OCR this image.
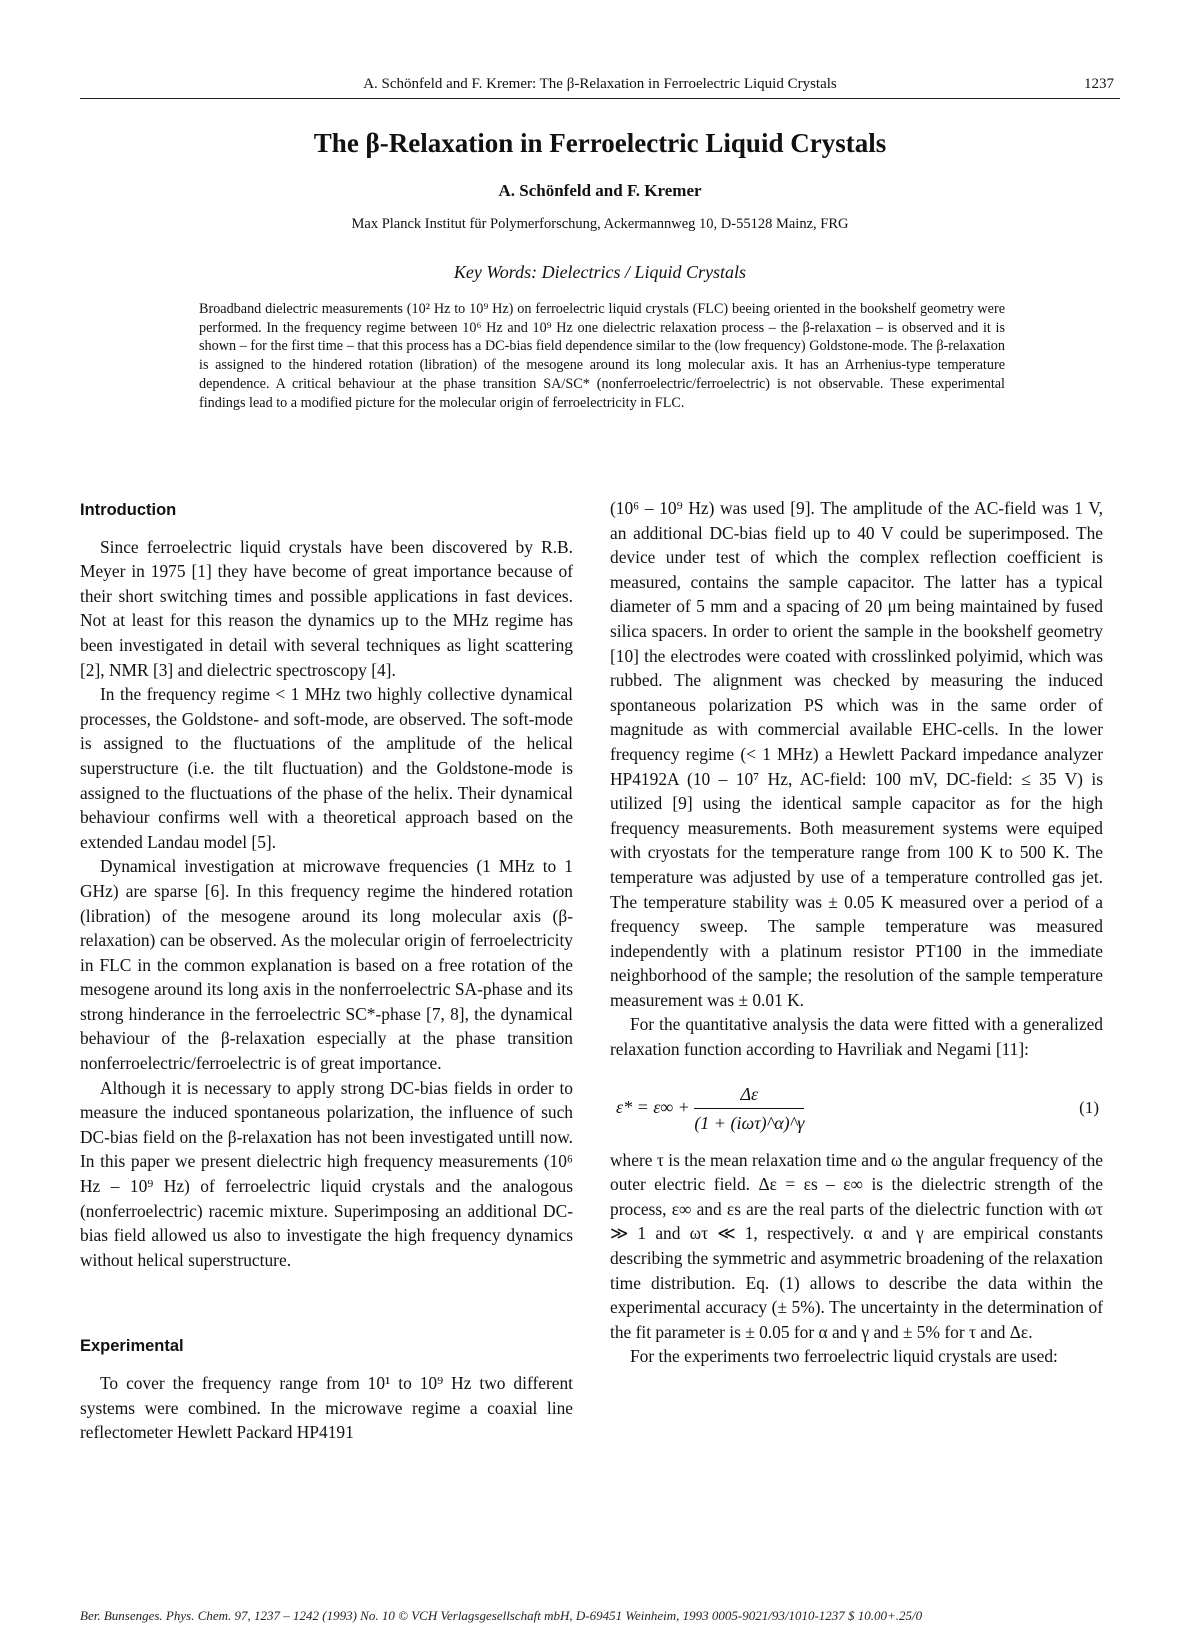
A. Schönfeld and F. Kremer: The β-Relaxation in Ferroelectric Liquid Crystals	1237
The β-Relaxation in Ferroelectric Liquid Crystals
A. Schönfeld and F. Kremer
Max Planck Institut für Polymerforschung, Ackermannweg 10, D-55128 Mainz, FRG
Key Words: Dielectrics / Liquid Crystals
Broadband dielectric measurements (10² Hz to 10⁹ Hz) on ferroelectric liquid crystals (FLC) beeing oriented in the bookshelf geometry were performed. In the frequency regime between 10⁶ Hz and 10⁹ Hz one dielectric relaxation process – the β-relaxation – is observed and it is shown – for the first time – that this process has a DC-bias field dependence similar to the (low frequency) Goldstone-mode. The β-relaxation is assigned to the hindered rotation (libration) of the mesogene around its long molecular axis. It has an Arrhenius-type temperature dependence. A critical behaviour at the phase transition SA/SC* (nonferroelectric/ferroelectric) is not observable. These experimental findings lead to a modified picture for the molecular origin of ferroelectricity in FLC.

Introduction

Since ferroelectric liquid crystals have been discovered by R.B. Meyer in 1975 [1] they have become of great importance because of their short switching times and possible applications in fast devices. Not at least for this reason the dynamics up to the MHz regime has been investigated in detail with several techniques as light scattering [2], NMR [3] and dielectric spectroscopy [4].

In the frequency regime < 1 MHz two highly collective dynamical processes, the Goldstone- and soft-mode, are observed. The soft-mode is assigned to the fluctuations of the amplitude of the helical superstructure (i.e. the tilt fluctuation) and the Goldstone-mode is assigned to the fluctuations of the phase of the helix. Their dynamical behaviour confirms well with a theoretical approach based on the extended Landau model [5].

Dynamical investigation at microwave frequencies (1 MHz to 1 GHz) are sparse [6]. In this frequency regime the hindered rotation (libration) of the mesogene around its long molecular axis (β-relaxation) can be observed. As the molecular origin of ferroelectricity in FLC in the common explanation is based on a free rotation of the mesogene around its long axis in the nonferroelectric SA-phase and its strong hinderance in the ferroelectric SC*-phase [7, 8], the dynamical behaviour of the β-relaxation especially at the phase transition nonferroelectric/ferroelectric is of great importance.

Although it is necessary to apply strong DC-bias fields in order to measure the induced spontaneous polarization, the influence of such DC-bias field on the β-relaxation has not been investigated untill now. In this paper we present dielectric high frequency measurements (10⁶ Hz – 10⁹ Hz) of ferroelectric liquid crystals and the analogous (nonferroelectric) racemic mixture. Superimposing an additional DC-bias field allowed us also to investigate the high frequency dynamics without helical superstructure.

Experimental

To cover the frequency range from 10¹ to 10⁹ Hz two different systems were combined. In the microwave regime a coaxial line reflectometer Hewlett Packard HP4191

(10⁶ – 10⁹ Hz) was used [9]. The amplitude of the AC-field was 1 V, an additional DC-bias field up to 40 V could be superimposed. The device under test of which the complex reflection coefficient is measured, contains the sample capacitor. The latter has a typical diameter of 5 mm and a spacing of 20 μm being maintained by fused silica spacers. In order to orient the sample in the bookshelf geometry [10] the electrodes were coated with crosslinked polyimid, which was rubbed. The alignment was checked by measuring the induced spontaneous polarization PS which was in the same order of magnitude as with commercial available EHC-cells. In the lower frequency regime (< 1 MHz) a Hewlett Packard impedance analyzer HP4192A (10 – 10⁷ Hz, AC-field: 100 mV, DC-field: ≤ 35 V) is utilized [9] using the identical sample capacitor as for the high frequency measurements. Both measurement systems were equiped with cryostats for the temperature range from 100 K to 500 K. The temperature was adjusted by use of a temperature controlled gas jet. The temperature stability was ± 0.05 K measured over a period of a frequency sweep. The sample temperature was measured independently with a platinum resistor PT100 in the immediate neighborhood of the sample; the resolution of the sample temperature measurement was ± 0.01 K.

For the quantitative analysis the data were fitted with a generalized relaxation function according to Havriliak and Negami [11]:

$\varepsilon* = \varepsilon\infty + \frac{\Delta\varepsilon}{\text{(1 + (iωτ)\textasciicircum{}α)\textasciicircum{}γ}}$	(1)

where τ is the mean relaxation time and ω the angular frequency of the outer electric field. Δε = εs – ε∞ is the dielectric strength of the process, ε∞ and εs are the real parts of the dielectric function with ωτ ≫ 1 and ωτ ≪ 1, respectively. α and γ are empirical constants describing the symmetric and asymmetric broadening of the relaxation time distribution. Eq. (1) allows to describe the data within the experimental accuracy (± 5%). The uncertainty in the determination of the fit parameter is ± 0.05 for α and γ and ± 5% for τ and Δε.

For the experiments two ferroelectric liquid crystals are used:

Ber. Bunsenges. Phys. Chem. 97, 1237 – 1242 (1993) No. 10 © VCH Verlagsgesellschaft mbH, D-69451 Weinheim, 1993 0005-9021/93/1010-1237 $ 10.00+.25/0
